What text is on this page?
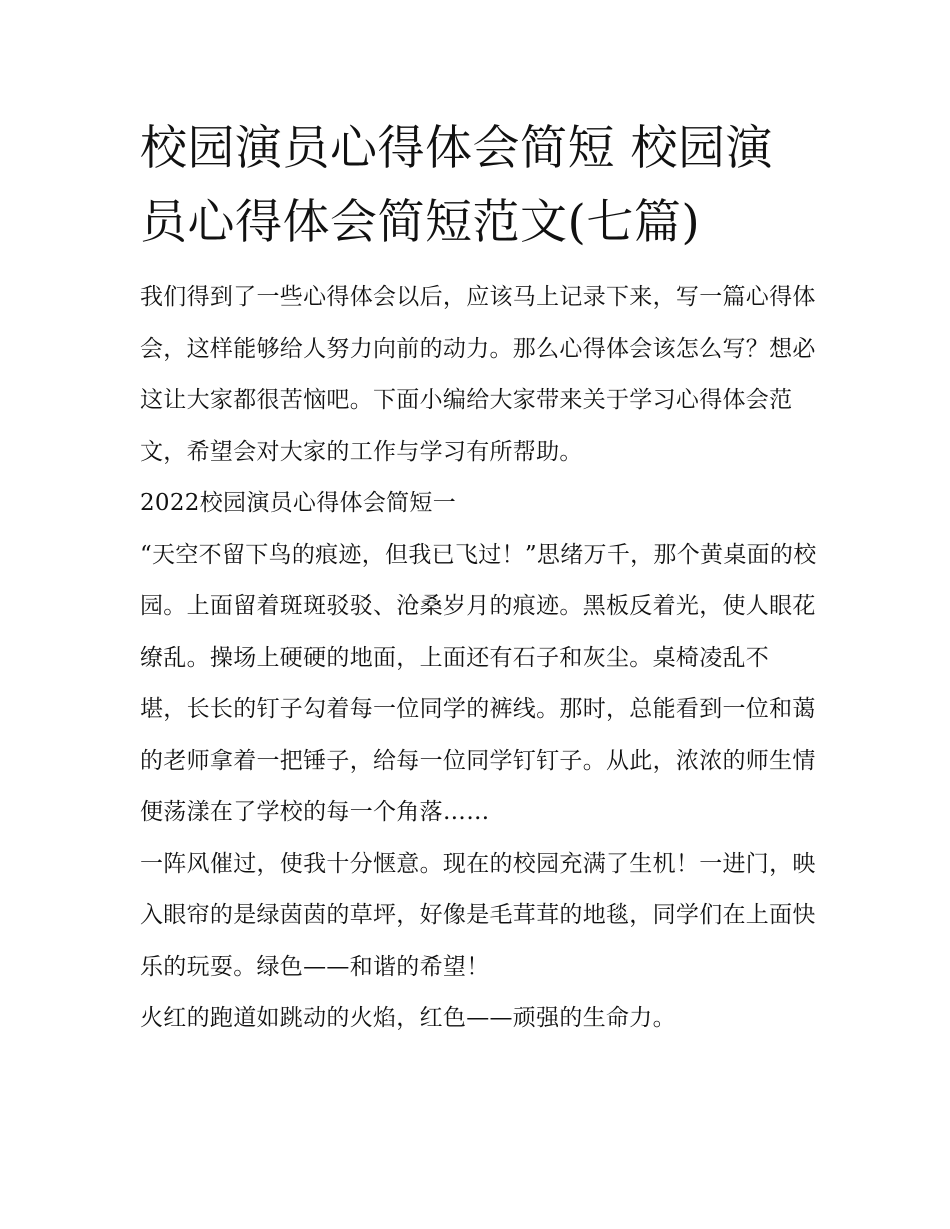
校园演员心得体会简短 校园演员心得体会简短范文(七篇)

我们得到了一些心得体会以后，应该马上记录下来，写一篇心得体会，这样能够给人努力向前的动力。那么心得体会该怎么写？想必这让大家都很苦恼吧。下面小编给大家带来关于学习心得体会范文，希望会对大家的工作与学习有所帮助。

2022校园演员心得体会简短一

“天空不留下鸟的痕迹，但我已飞过！”思绪万千，那个黄桌面的校园。上面留着斑斑驳驳、沧桑岁月的痕迹。黑板反着光，使人眼花缭乱。操场上硬硬的地面，上面还有石子和灰尘。桌椅凌乱不

堪，长长的钉子勾着每一位同学的裤线。那时，总能看到一位和蔼的老师拿着一把锤子，给每一位同学钉钉子。从此，浓浓的师生情便荡漾在了学校的每一个角落……

一阵风催过，使我十分惬意。现在的校园充满了生机！一进门，映入眼帘的是绿茵茵的草坪，好像是毛茸茸的地毯，同学们在上面快乐的玩耍。绿色——和谐的希望！

火红的跑道如跳动的火焰，红色——顽强的生命力。
